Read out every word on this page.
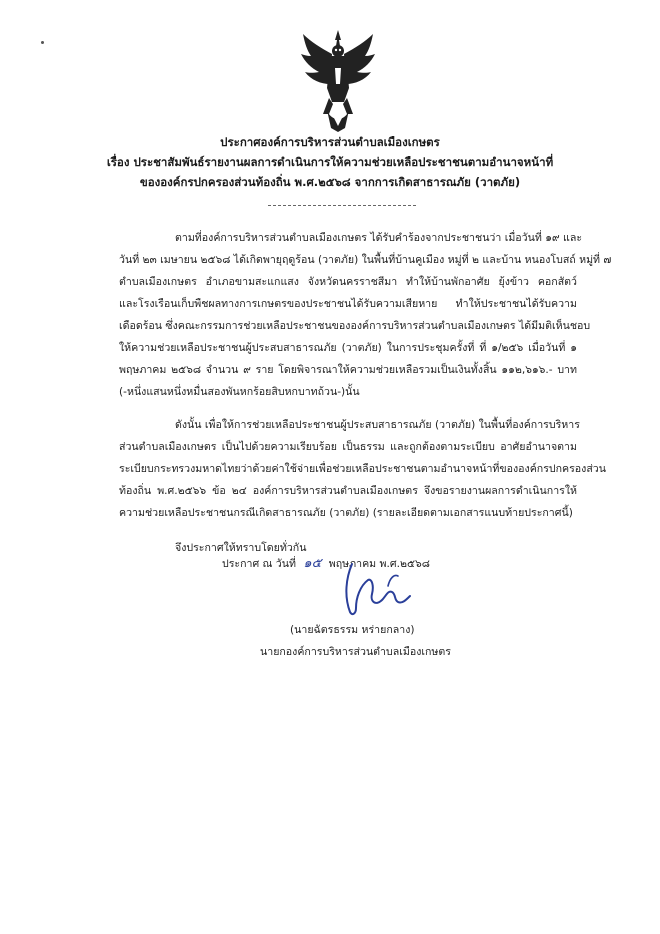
ประกาศองค์การบริหารส่วนตำบลเมืองเกษตร
เรื่อง ประชาสัมพันธ์รายงานผลการดำเนินการให้ความช่วยเหลือประชาชนตามอำนาจหน้าที่
ขององค์กรปกครองส่วนท้องถิ่น พ.ศ.๒๕๖๘ จากการเกิดสาธารณภัย (วาตภัย)
ตามที่องค์การบริหารส่วนตำบลเมืองเกษตร ได้รับคำร้องจากประชาชนว่า เมื่อวันที่ ๑๙ และ
วันที่ ๒๓ เมษายน ๒๕๖๘ ได้เกิดพายุฤดูร้อน (วาตภัย) ในพื้นที่บ้านคูเมือง หมู่ที่ ๒ และบ้าน หนองโบสถ์ หมู่ที่ ๗
ตำบลเมืองเกษตร อำเภอขามสะแกแสง จังหวัดนครราชสีมา ทำให้บ้านพักอาศัย ยุ้งข้าว คอกสัตว์
และโรงเรือนเก็บพืชผลทางการเกษตรของประชาชนได้รับความเสียหาย ทำให้ประชาชนได้รับความ
เดือดร้อน ซึ่งคณะกรรมการช่วยเหลือประชาชนขององค์การบริหารส่วนตำบลเมืองเกษตร ได้มีมติเห็นชอบ
ให้ความช่วยเหลือประชาชนผู้ประสบสาธารณภัย (วาตภัย) ในการประชุมครั้งที่ ที่ ๑/๒๕๖ เมื่อวันที่ ๑
พฤษภาคม ๒๕๖๘ จำนวน ๙ ราย โดยพิจารณาให้ความช่วยเหลือรวมเป็นเงินทั้งสิ้น ๑๑๒,๖๑๖.- บาท
(-หนึ่งแสนหนึ่งหมื่นสองพันหกร้อยสิบหกบาทถ้วน-)นั้น
ดังนั้น เพื่อให้การช่วยเหลือประชาชนผู้ประสบสาธารณภัย (วาตภัย) ในพื้นที่องค์การบริหาร
ส่วนตำบลเมืองเกษตร เป็นไปด้วยความเรียบร้อย เป็นธรรม และถูกต้องตามระเบียบ อาศัยอำนาจตาม
ระเบียบกระทรวงมหาดไทยว่าด้วยค่าใช้จ่ายเพื่อช่วยเหลือประชาชนตามอำนาจหน้าที่ขององค์กรปกครองส่วน
ท้องถิ่น พ.ศ.๒๕๖๖ ข้อ ๒๔ องค์การบริหารส่วนตำบลเมืองเกษตร จึงขอรายงานผลการดำเนินการให้
ความช่วยเหลือประชาชนกรณีเกิดสาธารณภัย (วาตภัย) (รายละเอียดตามเอกสารแนบท้ายประกาศนี้)
จึงประกาศให้ทราบโดยทั่วกัน
ประกาศ ณ วันที่ ๑๕ พฤษภาคม พ.ศ.๒๕๖๘
(นายฉัตรธรรม หร่ายกลาง)
นายกองค์การบริหารส่วนตำบลเมืองเกษตร
